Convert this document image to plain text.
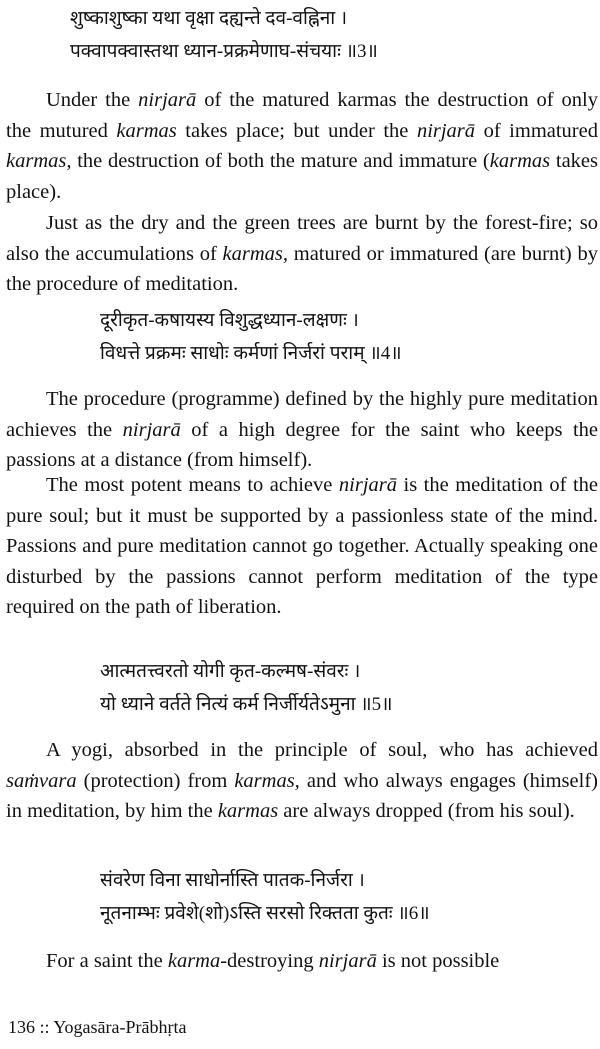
शुष्काशुष्का यथा वृक्षा दह्यन्ते दव-वह्निना ।
पक्वापक्वास्तथा ध्यान-प्रक्रमेणाघ-संचयाः ॥3॥
Under the nirjarā of the matured karmas the destruction of only the mutured karmas takes place; but under the nirjarā of immatured karmas, the destruction of both the mature and immature (karmas takes place).
Just as the dry and the green trees are burnt by the forest-fire; so also the accumulations of karmas, matured or immatured (are burnt) by the procedure of meditation.
दूरीकृत-कषायस्य विशुद्धध्यान-लक्षणः ।
विधत्ते प्रक्रमः साधोः कर्मणां निर्जरां पराम् ॥4॥
The procedure (programme) defined by the highly pure meditation achieves the nirjarā of a high degree for the saint who keeps the passions at a distance (from himself).
The most potent means to achieve nirjarā is the meditation of the pure soul; but it must be supported by a passionless state of the mind. Passions and pure meditation cannot go together. Actually speaking one disturbed by the passions cannot perform meditation of the type required on the path of liberation.
आत्मतत्त्वरतो योगी कृत-कल्मष-संवरः ।
यो ध्याने वर्तते नित्यं कर्म निर्जीर्यतेऽमुना ॥5॥
A yogi, absorbed in the principle of soul, who has achieved saṁvara (protection) from karmas, and who always engages (himself) in meditation, by him the karmas are always dropped (from his soul).
संवरेण विना साधोर्नास्ति पातक-निर्जरा ।
नूतनाम्भः प्रवेशे(शो)ऽस्ति सरसो रिक्तता कुतः ॥6॥
For a saint the karma-destroying nirjarā is not possible
136 :: Yogasāra-Prābhṛta
